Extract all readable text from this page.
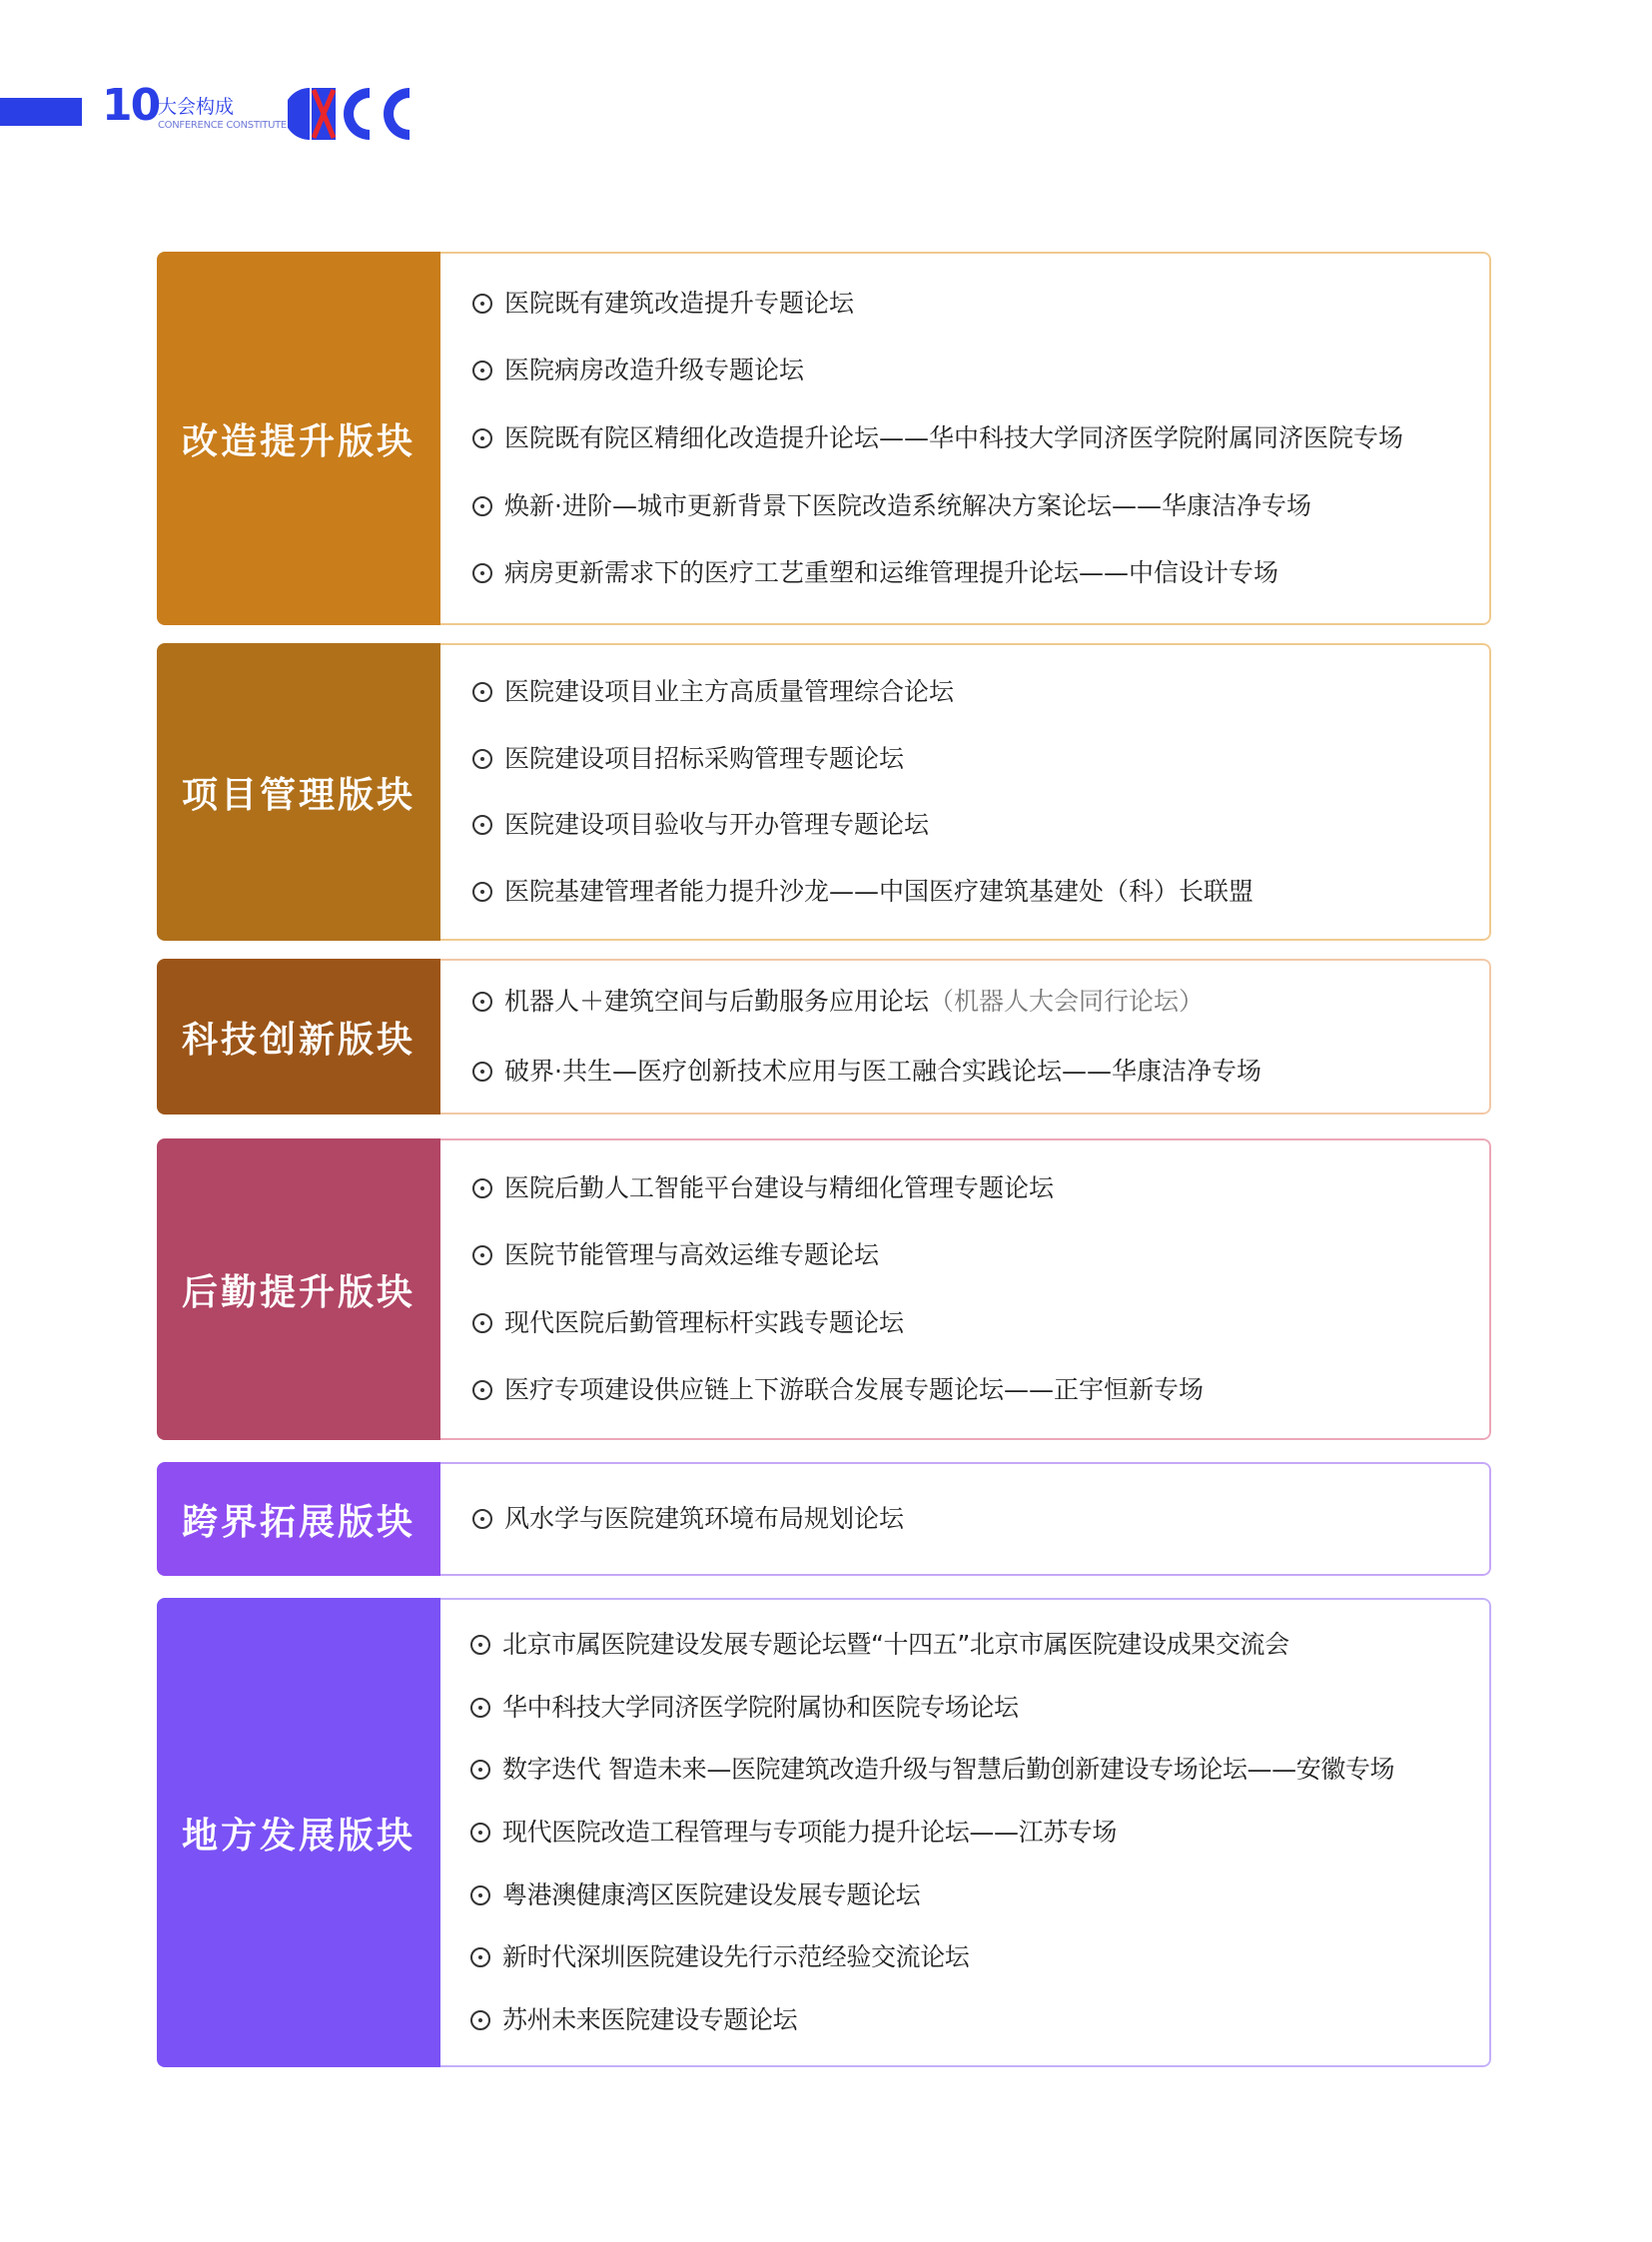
10
大会构成
CONFERENCE CONSTITUTE
改造提升版块
医院既有建筑改造提升专题论坛
医院病房改造升级专题论坛
医院既有院区精细化改造提升论坛——华中科技大学同济医学院附属同济医院专场
焕新·进阶—城市更新背景下医院改造系统解决方案论坛——华康洁净专场
病房更新需求下的医疗工艺重塑和运维管理提升论坛——中信设计专场
项目管理版块
医院建设项目业主方高质量管理综合论坛
医院建设项目招标采购管理专题论坛
医院建设项目验收与开办管理专题论坛
医院基建管理者能力提升沙龙——中国医疗建筑基建处（科）长联盟
科技创新版块
机器人＋建筑空间与后勤服务应用论坛 （机器人大会同行论坛）
破界·共生—医疗创新技术应用与医工融合实践论坛——华康洁净专场
后勤提升版块
医院后勤人工智能平台建设与精细化管理专题论坛
医院节能管理与高效运维专题论坛
现代医院后勤管理标杆实践专题论坛
医疗专项建设供应链上下游联合发展专题论坛——正宇恒新专场
跨界拓展版块	风水学与医院建筑环境布局规划论坛
地方发展版块
北京市属医院建设发展专题论坛暨“十四五”北京市属医院建设成果交流会
华中科技大学同济医学院附属协和医院专场论坛
数字迭代 智造未来—医院建筑改造升级与智慧后勤创新建设专场论坛——安徽专场
现代医院改造工程管理与专项能力提升论坛——江苏专场
粤港澳健康湾区医院建设发展专题论坛
新时代深圳医院建设先行示范经验交流论坛
苏州未来医院建设专题论坛
